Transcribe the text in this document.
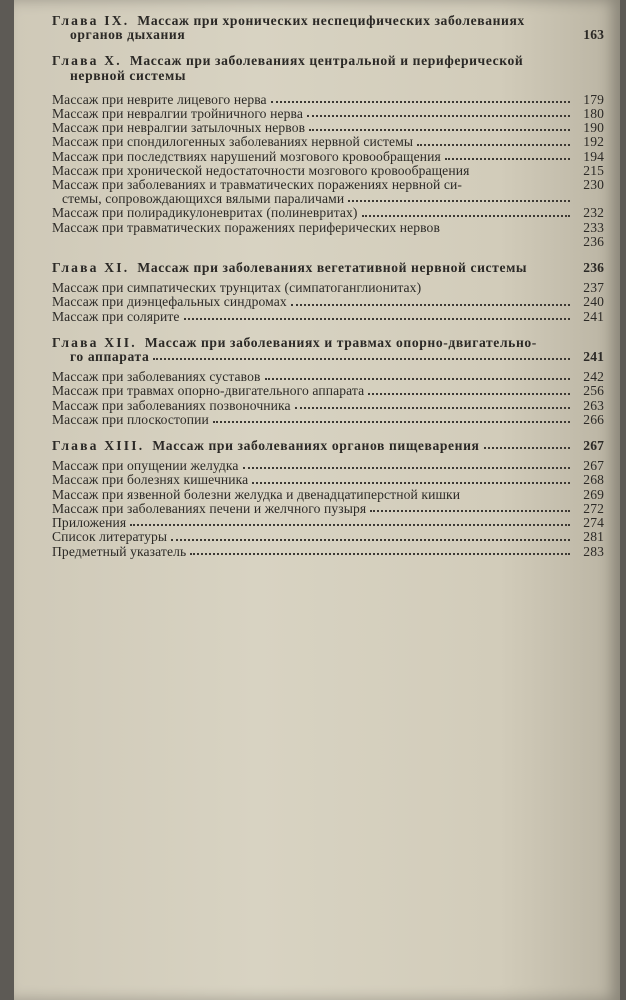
Глава IX. Массаж при хронических неспецифических заболеваниях
органов дыхания	163
Глава X. Массаж при заболеваниях центральной и периферической
нервной системы
Массаж при неврите лицевого нерва	179
Массаж при невралгии тройничного нерва	180
Массаж при невралгии затылочных нервов	190
Массаж при спондилогенных заболеваниях нервной системы	192
Массаж при последствиях нарушений мозгового кровообращения	194
Массаж при хронической недостаточности мозгового кровообращения	215
Массаж при заболеваниях и травматических поражениях нервной си-	230
стемы, сопровождающихся вялыми параличами
Массаж при полирадикулоневритах (полиневритах)	232
Массаж при травматических поражениях периферических нервов	233
236
Глава XI. Массаж при заболеваниях вегетативной нервной системы	236
Массаж при симпатических трунцитах (симпатоганглионитах)	237
Массаж при диэнцефальных синдромах	240
Массаж при солярите	241
Глава XII. Массаж при заболеваниях и травмах опорно-двигательно-
го аппарата	241
Массаж при заболеваниях суставов	242
Массаж при травмах опорно-двигательного аппарата	256
Массаж при заболеваниях позвоночника	263
Массаж при плоскостопии	266
Глава XIII. Массаж при заболеваниях органов пищеварения	267
Массаж при опущении желудка	267
Массаж при болезнях кишечника	268
Массаж при язвенной болезни желудка и двенадцатиперстной кишки	269
Массаж при заболеваниях печени и желчного пузыря	272
Приложения	274
Список литературы	281
Предметный указатель	283
